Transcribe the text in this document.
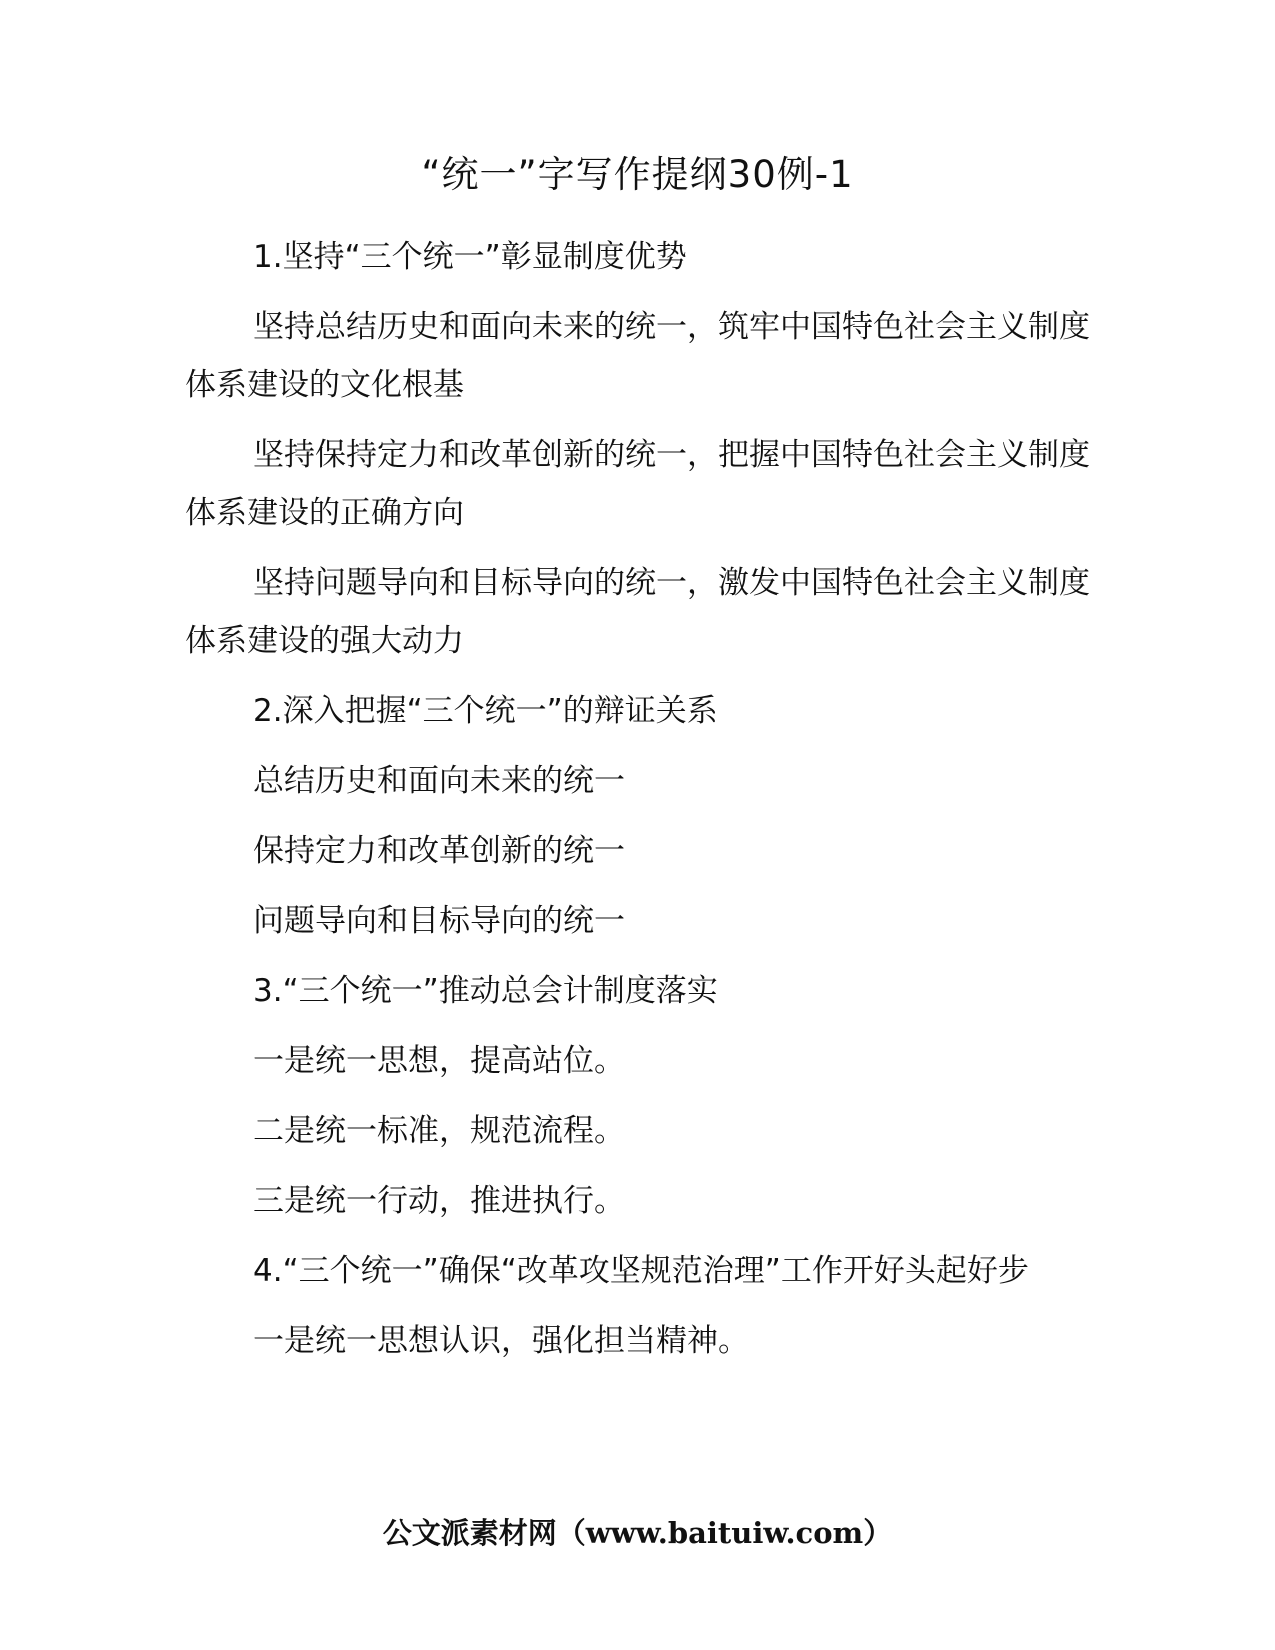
“统一”字写作提纲30例-1

1.坚持“三个统一”彰显制度优势

坚持总结历史和面向未来的统一，筑牢中国特色社会主义制度体系建设的文化根基

坚持保持定力和改革创新的统一，把握中国特色社会主义制度体系建设的正确方向

坚持问题导向和目标导向的统一，激发中国特色社会主义制度体系建设的强大动力

2.深入把握“三个统一”的辩证关系

总结历史和面向未来的统一

保持定力和改革创新的统一

问题导向和目标导向的统一

3.“三个统一”推动总会计制度落实

一是统一思想，提高站位。

二是统一标准，规范流程。

三是统一行动，推进执行。

4.“三个统一”确保“改革攻坚规范治理”工作开好头起好步

一是统一思想认识，强化担当精神。

公文派素材网（www.baituiw.com）
